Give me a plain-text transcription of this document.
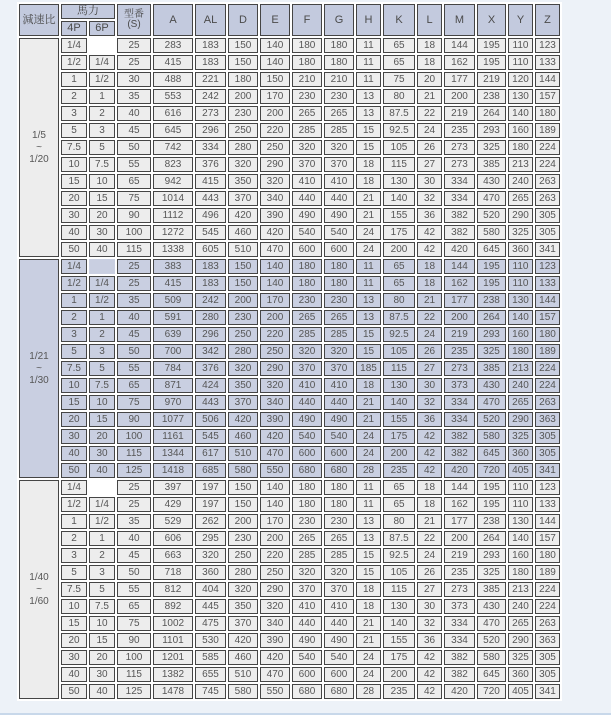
減速比	馬力		型番
(S)	A	AL	D	E	F	G	H	K	L	M	X	Y	Z
	4P	6P														
1/5
~
1/20	1/4		25	283	183	150	140	180	180	11	65	18	144	195	110	123
	1/2	1/4	25	415	183	150	140	180	180	11	65	18	162	195	110	133
	1	1/2	30	488	221	180	150	210	210	11	75	20	177	219	120	144
	2	1	35	553	242	200	170	230	230	13	80	21	200	238	130	157
	3	2	40	616	273	230	200	265	265	13	87.5	22	219	264	140	180
	5	3	45	645	296	250	220	285	285	15	92.5	24	235	293	160	189
	7.5	5	50	742	334	280	250	320	320	15	105	26	273	325	180	224
	10	7.5	55	823	376	320	290	370	370	18	115	27	273	385	213	224
	15	10	65	942	415	350	320	410	410	18	130	30	334	430	240	263
	20	15	75	1014	443	370	340	440	440	21	140	32	334	470	265	263
	30	20	90	1112	496	420	390	490	490	21	155	36	382	520	290	305
	40	30	100	1272	545	460	420	540	540	24	175	42	382	580	325	305
	50	40	115	1338	605	510	470	600	600	24	200	42	420	645	360	341
1/21
~
1/30	1/4		25	383	183	150	140	180	180	11	65	18	144	195	110	123
	1/2	1/4	25	415	183	150	140	180	180	11	65	18	162	195	110	133
	1	1/2	35	509	242	200	170	230	230	13	80	21	177	238	130	144
	2	1	40	591	280	230	200	265	265	13	87.5	22	200	264	140	157
	3	2	45	639	296	250	220	285	285	15	92.5	24	219	293	160	180
	5	3	50	700	342	280	250	320	320	15	105	26	235	325	180	189
	7.5	5	55	784	376	320	290	370	370	185	115	27	273	385	213	224
	10	7.5	65	871	424	350	320	410	410	18	130	30	373	430	240	224
	15	10	75	970	443	370	340	440	440	21	140	32	334	470	265	263
	20	15	90	1077	506	420	390	490	490	21	155	36	334	520	290	363
	30	20	100	1161	545	460	420	540	540	24	175	42	382	580	325	305
	40	30	115	1344	617	510	470	600	600	24	200	42	382	645	360	305
	50	40	125	1418	685	580	550	680	680	28	235	42	420	720	405	341
1/40
~
1/60	1/4		25	397	197	150	140	180	180	11	65	18	144	195	110	123
	1/2	1/4	25	429	197	150	140	180	180	11	65	18	162	195	110	133
	1	1/2	35	529	262	200	170	230	230	13	80	21	177	238	130	144
	2	1	40	606	295	230	200	265	265	13	87.5	22	200	264	140	157
	3	2	45	663	320	250	220	285	285	15	92.5	24	219	293	160	180
	5	3	50	718	360	280	250	320	320	15	105	26	235	325	180	189
	7.5	5	55	812	404	320	290	370	370	18	115	27	273	385	213	224
	10	7.5	65	892	445	350	320	410	410	18	130	30	373	430	240	224
	15	10	75	1002	475	370	340	440	440	21	140	32	334	470	265	263
	20	15	90	1101	530	420	390	490	490	21	155	36	334	520	290	363
	30	20	100	1201	585	460	420	540	540	24	175	42	382	580	325	305
	40	30	115	1382	655	510	470	600	600	24	200	42	382	645	360	305
	50	40	125	1478	745	580	550	680	680	28	235	42	420	720	405	341
